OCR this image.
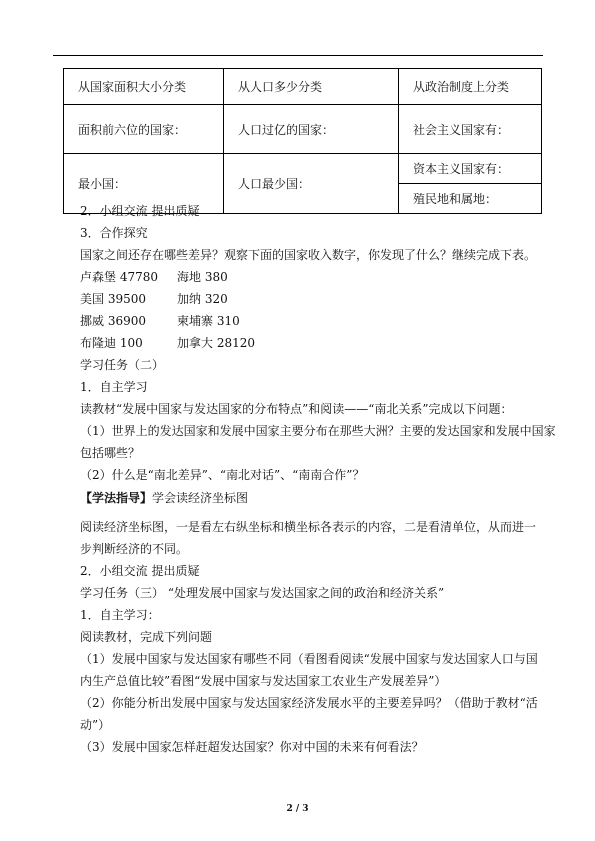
从国家面积大小分类	从人口多少分类	从政治制度上分类
面积前六位的国家：	人口过亿的国家：	社会主义国家有：
最小国：	人口最少国：	资本主义国家有：
		殖民地和属地：
2．小组交流 提出质疑
3．合作探究
国家之间还存在哪些差异？观察下面的国家收入数字，你发现了什么？继续完成下表。
卢森堡 47780 海地 380
美国 39500	加纳 320
挪威 36900	柬埔寨 310
布隆迪 100	加拿大 28120
学习任务（二）
1．自主学习
读教材“发展中国家与发达国家的分布特点”和阅读——“南北关系”完成以下问题：
（1）世界上的发达国家和发展中国家主要分布在那些大洲？主要的发达国家和发展中国家
包括哪些？
（2）什么是“南北差异”、“南北对话”、“南南合作”？
【学法指导】学会读经济坐标图
阅读经济坐标图，一是看左右纵坐标和横坐标各表示的内容，二是看清单位，从而进一
步判断经济的不同。
2．小组交流 提出质疑
学习任务（三） “处理发展中国家与发达国家之间的政治和经济关系”
1．自主学习：
阅读教材，完成下列问题
（1）发展中国家与发达国家有哪些不同（看图看阅读“发展中国家与发达国家人口与国
内生产总值比较”看图“发展中国家与发达国家工农业生产发展差异”）
（2）你能分析出发展中国家与发达国家经济发展水平的主要差异吗？（借助于教材“活
动”）
（3）发展中国家怎样赶超发达国家？你对中国的未来有何看法？
2 / 3
